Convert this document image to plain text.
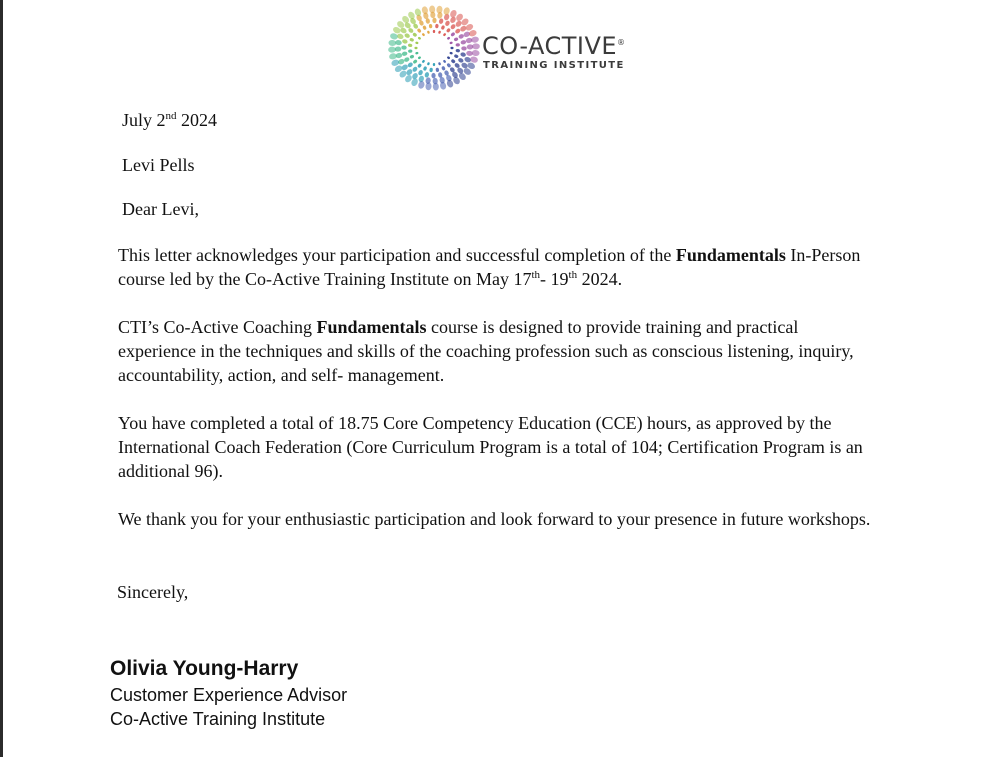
CO-ACTIVE®
TRAINING INSTITUTE

July 2nd 2024

Levi Pells

Dear Levi,

This letter acknowledges your participation and successful completion of the Fundamentals In-Person course led by the Co-Active Training Institute on May 17th- 19th 2024.

CTI’s Co-Active Coaching Fundamentals course is designed to provide training and practical experience in the techniques and skills of the coaching profession such as conscious listening, inquiry, accountability, action, and self- management.

You have completed a total of 18.75 Core Competency Education (CCE) hours, as approved by the International Coach Federation (Core Curriculum Program is a total of 104; Certification Program is an additional 96).

We thank you for your enthusiastic participation and look forward to your presence in future workshops.

Sincerely,

Olivia Young-Harry

Customer Experience Advisor

Co-Active Training Institute
